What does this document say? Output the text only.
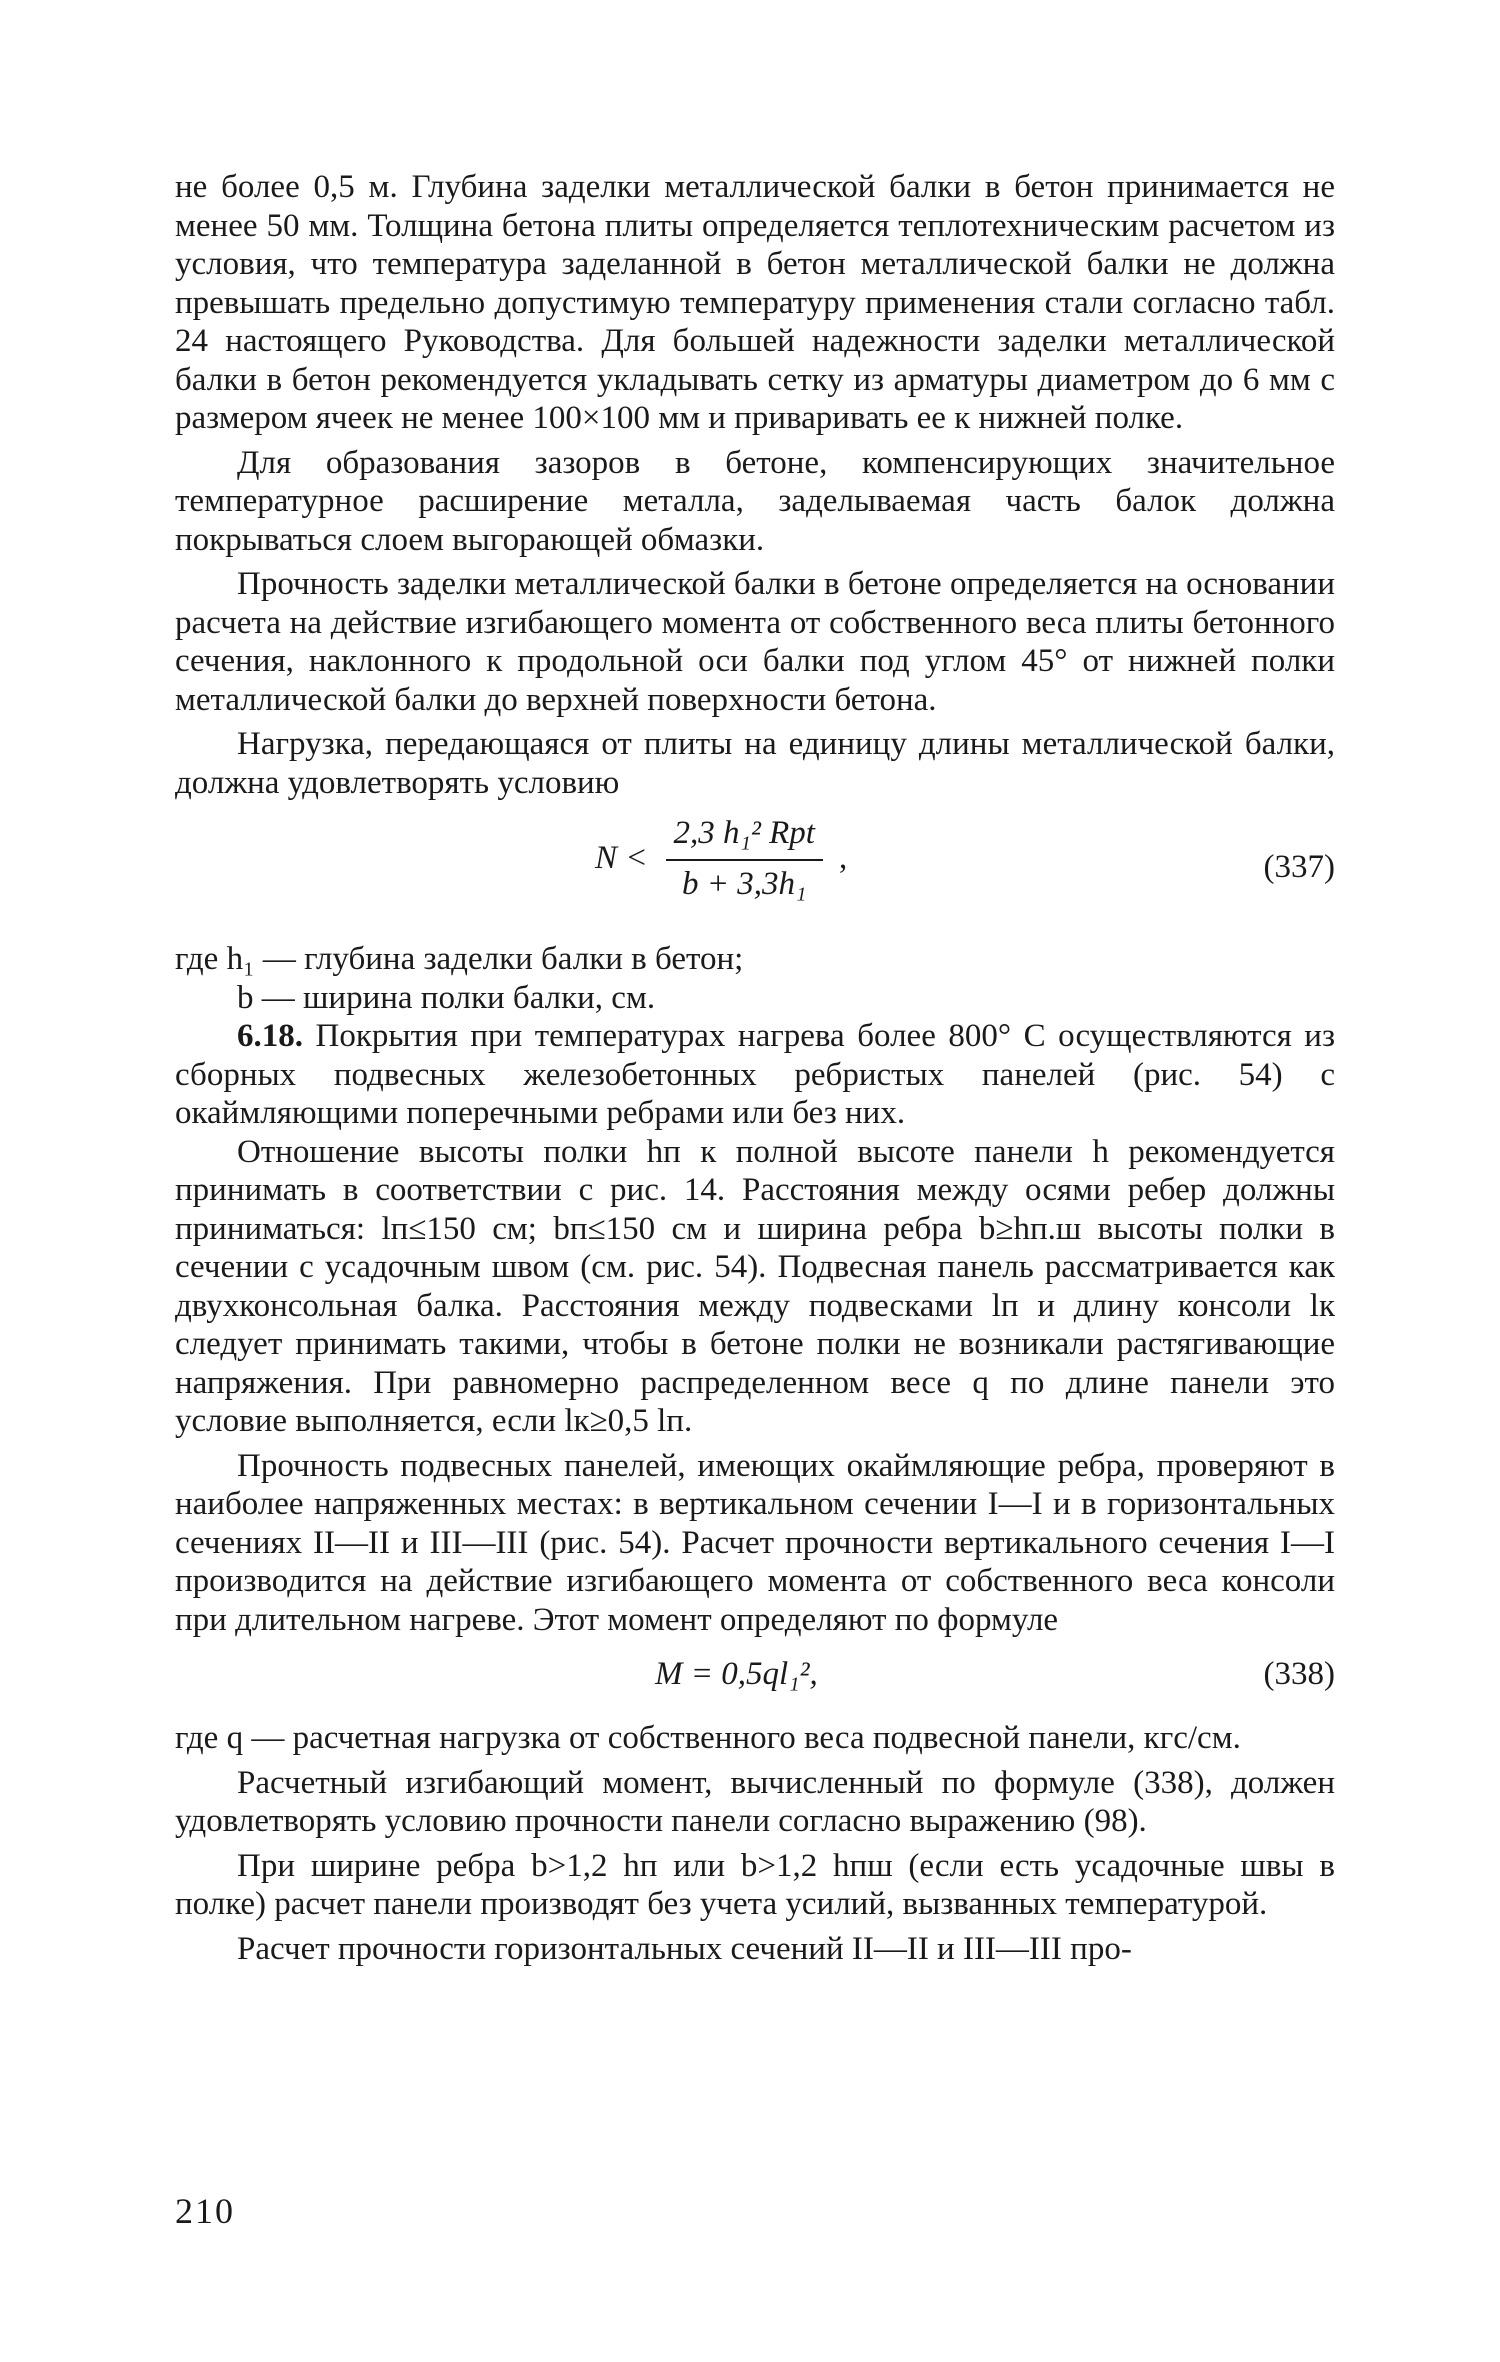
не более 0,5 м. Глубина заделки металлической балки в бетон принимается не менее 50 мм. Толщина бетона плиты определяется теплотехническим расчетом из условия, что температура заделанной в бетон металлической балки не должна превышать предельно допустимую температуру применения стали согласно табл. 24 настоящего Руководства. Для большей надежности заделки металлической балки в бетон рекомендуется укладывать сетку из арматуры диаметром до 6 мм с размером ячеек не менее 100×100 мм и приваривать ее к нижней полке.

Для образования зазоров в бетоне, компенсирующих значительное температурное расширение металла, заделываемая часть балок должна покрываться слоем выгорающей обмазки.

Прочность заделки металлической балки в бетоне определяется на основании расчета на действие изгибающего момента от собственного веса плиты бетонного сечения, наклонного к продольной оси балки под углом 45° от нижней полки металлической балки до верхней поверхности бетона.

Нагрузка, передающаяся от плиты на единицу длины металлической балки, должна удовлетворять условию

$N < \frac{\text{2,3 h₁² Rpt}}{\text{b + 3,3h₁}}$ ,	(337)

где h₁ — глубина заделки балки в бетон;

b — ширина полки балки, см.

6.18. Покрытия при температурах нагрева более 800° С осуществляются из сборных подвесных железобетонных ребристых панелей (рис. 54) с окаймляющими поперечными ребрами или без них.

Отношение высоты полки hп к полной высоте панели h рекомендуется принимать в соответствии с рис. 14. Расстояния между осями ребер должны приниматься: lп≤150 см; bп≤150 см и ширина ребра b≥hп.ш высоты полки в сечении с усадочным швом (см. рис. 54). Подвесная панель рассматривается как двухконсольная балка. Расстояния между подвесками lп и длину консоли lк следует принимать такими, чтобы в бетоне полки не возникали растягивающие напряжения. При равномерно распределенном весе q по длине панели это условие выполняется, если lк≥0,5 lп.

Прочность подвесных панелей, имеющих окаймляющие ребра, проверяют в наиболее напряженных местах: в вертикальном сечении I—I и в горизонтальных сечениях II—II и III—III (рис. 54). Расчет прочности вертикального сечения I—I производится на действие изгибающего момента от собственного веса консоли при длительном нагреве. Этот момент определяют по формуле

M = 0,5ql₁²,	(338)

где q — расчетная нагрузка от собственного веса подвесной панели, кгс/см.

Расчетный изгибающий момент, вычисленный по формуле (338), должен удовлетворять условию прочности панели согласно выражению (98).

При ширине ребра b>1,2 hп или b>1,2 hпш (если есть усадочные швы в полке) расчет панели производят без учета усилий, вызванных температурой.

Расчет прочности горизонтальных сечений II—II и III—III про-

210
